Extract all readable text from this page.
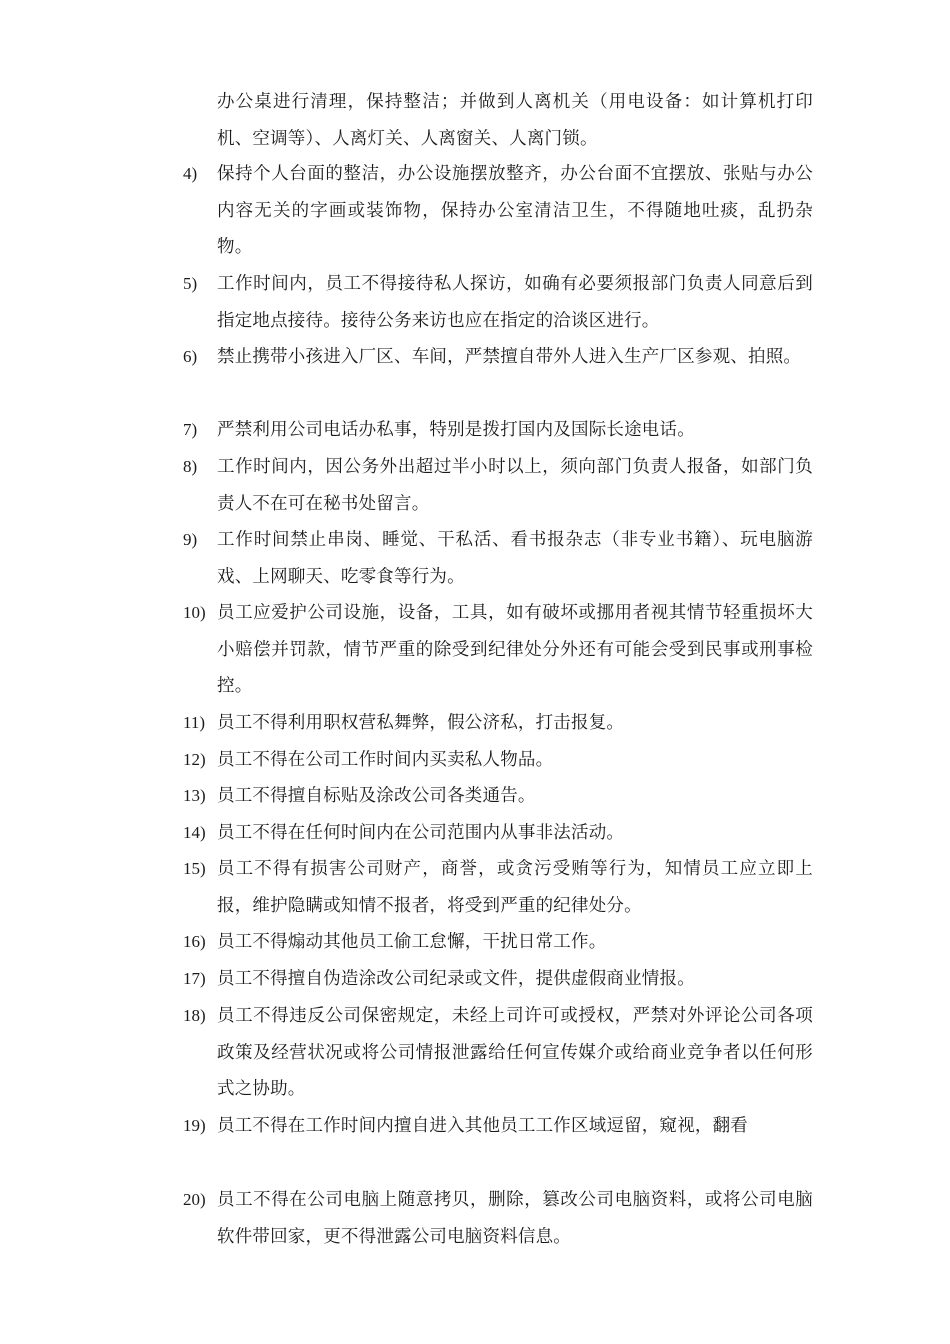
办公桌进行清理，保持整洁；并做到人离机关（用电设备：如计算机打印机、空调等）、人离灯关、人离窗关、人离门锁。
4)	保持个人台面的整洁，办公设施摆放整齐，办公台面不宜摆放、张贴与办公内容无关的字画或装饰物，保持办公室清洁卫生，不得随地吐痰，乱扔杂物。
5)	工作时间内，员工不得接待私人探访，如确有必要须报部门负责人同意后到指定地点接待。接待公务来访也应在指定的洽谈区进行。
6)	禁止携带小孩进入厂区、车间，严禁擅自带外人进入生产厂区参观、拍照。
7)	严禁利用公司电话办私事，特别是拨打国内及国际长途电话。
8)	工作时间内，因公务外出超过半小时以上，须向部门负责人报备，如部门负责人不在可在秘书处留言。
9)	工作时间禁止串岗、睡觉、干私活、看书报杂志（非专业书籍）、玩电脑游戏、上网聊天、吃零食等行为。
10) 员工应爱护公司设施，设备，工具，如有破坏或挪用者视其情节轻重损坏大小赔偿并罚款，情节严重的除受到纪律处分外还有可能会受到民事或刑事检控。
11) 员工不得利用职权营私舞弊，假公济私，打击报复。
12) 员工不得在公司工作时间内买卖私人物品。
13) 员工不得擅自标贴及涂改公司各类通告。
14) 员工不得在任何时间内在公司范围内从事非法活动。
15) 员工不得有损害公司财产，商誉，或贪污受贿等行为，知情员工应立即上报，维护隐瞒或知情不报者，将受到严重的纪律处分。
16) 员工不得煽动其他员工偷工怠懈，干扰日常工作。
17) 员工不得擅自伪造涂改公司纪录或文件，提供虚假商业情报。
18) 员工不得违反公司保密规定，未经上司许可或授权，严禁对外评论公司各项政策及经营状况或将公司情报泄露给任何宣传媒介或给商业竞争者以任何形式之协助。
19) 员工不得在工作时间内擅自进入其他员工工作区域逗留，窥视，翻看
20) 员工不得在公司电脑上随意拷贝，删除，篡改公司电脑资料，或将公司电脑软件带回家，更不得泄露公司电脑资料信息。
